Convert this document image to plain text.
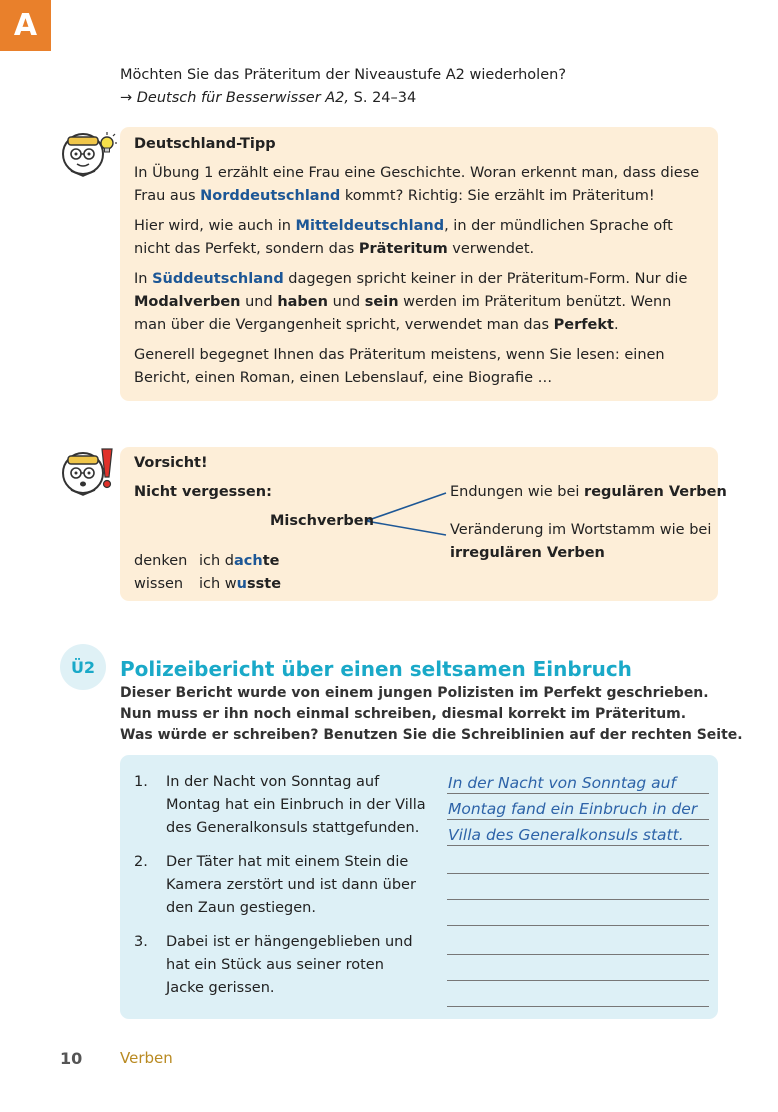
A
Möchten Sie das Präteritum der Niveaustufe A2 wiederholen?
→ Deutsch für Besserwisser A2, S. 24–34
Deutschland-Tipp

In Übung 1 erzählt eine Frau eine Geschichte. Woran erkennt man, dass diese Frau aus Norddeutschland kommt? Richtig: Sie erzählt im Präteritum!

Hier wird, wie auch in Mitteldeutschland, in der mündlichen Sprache oft nicht das Perfekt, sondern das Präteritum verwendet.

In Süddeutschland dagegen spricht keiner in der Präteritum-Form. Nur die Modalverben und haben und sein werden im Präteritum benützt. Wenn man über die Vergangenheit spricht, verwendet man das Perfekt.

Generell begegnet Ihnen das Präteritum meistens, wenn Sie lesen: einen Bericht, einen Roman, einen Lebenslauf, eine Biografie …

Vorsicht!
Nicht vergessen:
Mischverben
Endungen wie bei regulären Verben
Veränderung im Wortstamm wie bei
irregulären Verben
denken ich dachte
wissen ich wusste
Ü2	Polizeibericht über einen seltsamen Einbruch
Dieser Bericht wurde von einem jungen Polizisten im Perfekt geschrieben.
Nun muss er ihn noch einmal schreiben, diesmal korrekt im Präteritum.
Was würde er schreiben? Benutzen Sie die Schreiblinien auf der rechten Seite.
1. In der Nacht von Sonntag auf Montag hat ein Einbruch in der Villa des Generalkonsuls stattgefunden.
2. Der Täter hat mit einem Stein die Kamera zerstört und ist dann über den Zaun gestiegen.
3. Dabei ist er hängengeblieben und hat ein Stück aus seiner roten Jacke gerissen.
In der Nacht von Sonntag auf
Montag fand ein Einbruch in der
Villa des Generalkonsuls statt.
10	Verben
